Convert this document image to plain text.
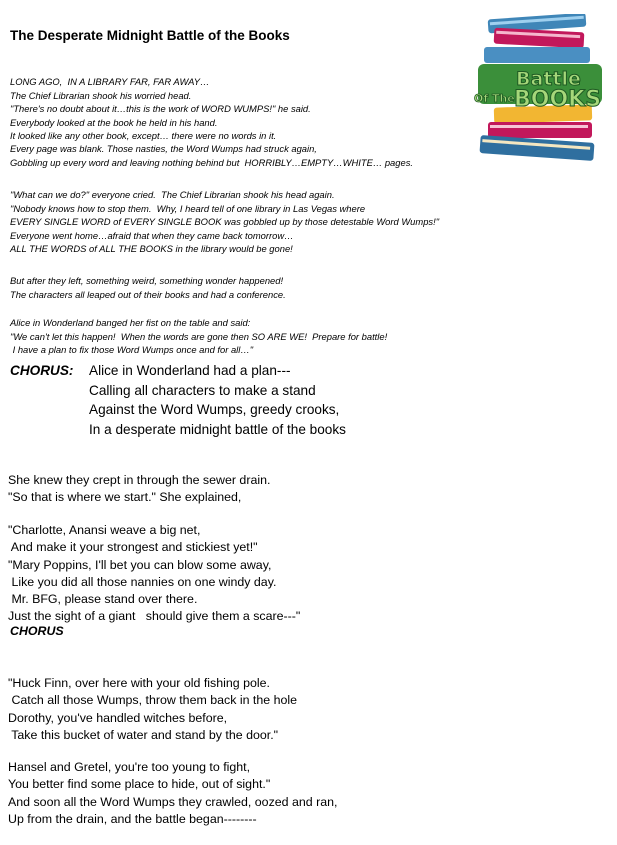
The Desperate Midnight Battle of the Books
Battle
Of The BOOKS

LONG AGO,  IN A LIBRARY FAR, FAR AWAY…
The Chief Librarian shook his worried head.
"There's no doubt about it…this is the work of WORD WUMPS!" he said.
Everybody looked at the book he held in his hand.
It looked like any other book, except… there were no words in it.
Every page was blank. Those nasties, the Word Wumps had struck again,
Gobbling up every word and leaving nothing behind but  HORRIBLY…EMPTY…WHITE… pages.

"What can we do?" everyone cried.  The Chief Librarian shook his head again.
"Nobody knows how to stop them.  Why, I heard tell of one library in Las Vegas where
EVERY SINGLE WORD of EVERY SINGLE BOOK was gobbled up by those detestable Word Wumps!"
Everyone went home…afraid that when they came back tomorrow…
ALL THE WORDS of ALL THE BOOKS in the library would be gone!

But after they left, something weird, something wonder happened!
The characters all leaped out of their books and had a conference.

Alice in Wonderland banged her fist on the table and said:
"We can't let this happen!  When the words are gone then SO ARE WE!  Prepare for battle!
I have a plan to fix those Word Wumps once and for all…"

CHORUS: Alice in Wonderland had a plan---
Calling all characters to make a stand
Against the Word Wumps, greedy crooks,
In a desperate midnight battle of the books

She knew they crept in through the sewer drain.
"So that is where we start." She explained,

"Charlotte, Anansi weave a big net,
And make it your strongest and stickiest yet!"
"Mary Poppins, I'll bet you can blow some away,
Like you did all those nannies on one windy day.
Mr. BFG, please stand over there.
Just the sight of a giant   should give them a scare---"

CHORUS

"Huck Finn, over here with your old fishing pole.
Catch all those Wumps, throw them back in the hole
Dorothy, you've handled witches before,
Take this bucket of water and stand by the door."

Hansel and Gretel, you're too young to fight,
You better find some place to hide, out of sight."
And soon all the Word Wumps they crawled, oozed and ran,
Up from the drain, and the battle began--------
